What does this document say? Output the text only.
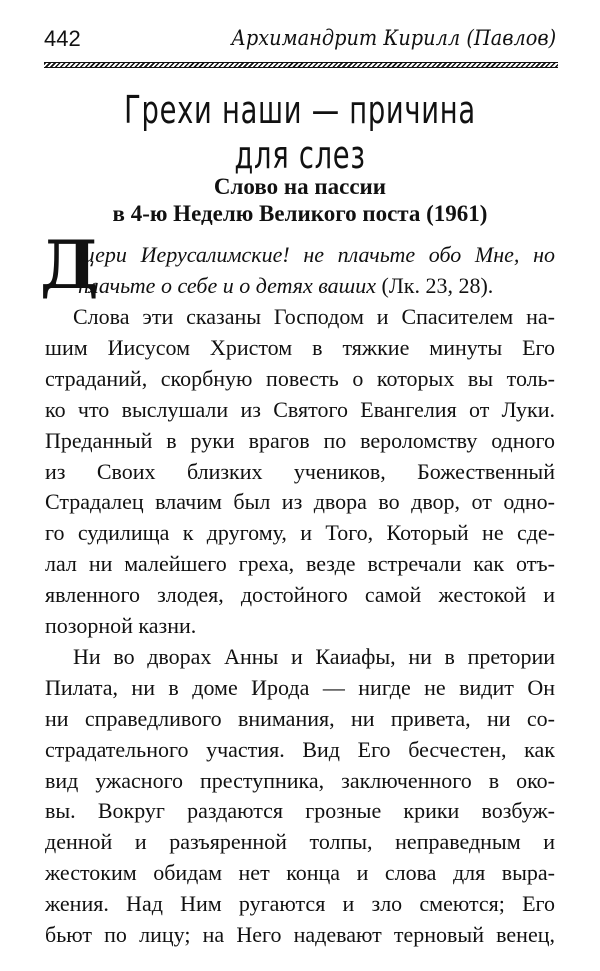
442	Архимандрит Кирилл (Павлов)
Грехи наши — причина
для слез
Слово на пассии
в 4-ю Неделю Великого поста (1961)
Д
щери Иерусалимские! не плачьте обо Мне, но
плачьте о себе и о детях ваших (Лк. 23, 28).
Слова эти сказаны Господом и Спасителем на-
шим Иисусом Христом в тяжкие минуты Его
страданий, скорбную повесть о которых вы толь-
ко что выслушали из Святого Евангелия от Луки.
Преданный в руки врагов по вероломству одного
из Своих близких учеников, Божественный
Страдалец влачим был из двора во двор, от одно-
го судилища к другому, и Того, Который не сде-
лал ни малейшего греха, везде встречали как отъ-
явленного злодея, достойного самой жестокой и
позорной казни.
Ни во дворах Анны и Каиафы, ни в претории
Пилата, ни в доме Ирода — нигде не видит Он
ни справедливого внимания, ни привета, ни со-
страдательного участия. Вид Его бесчестен, как
вид ужасного преступника, заключенного в око-
вы. Вокруг раздаются грозные крики возбуж-
денной и разъяренной толпы, неправедным и
жестоким обидам нет конца и слова для выра-
жения. Над Ним ругаются и зло смеются; Его
бьют по лицу; на Него надевают терновый венец,
